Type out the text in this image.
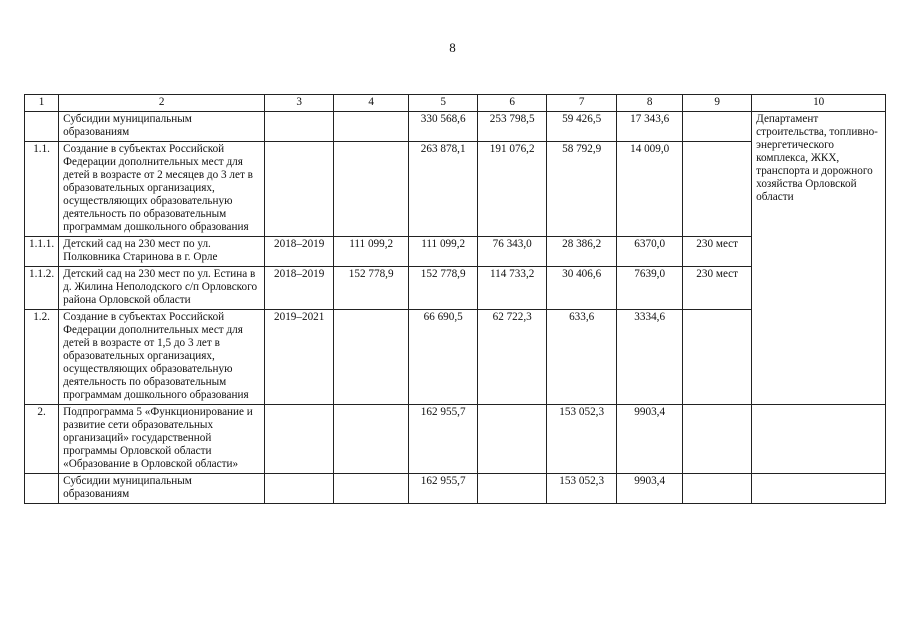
8
1	2	3	4	5	6	7	8	9	10
	Субсидии муниципальным образованиям			330 568,6	253 798,5	59 426,5	17 343,6		Департамент строительства, топливно-энергетического комплекса, ЖКХ, транспорта и дорожного хозяйства Орловской области
1.1.	Создание в субъектах Российской Федерации дополнительных мест для детей в возрасте от 2 месяцев до 3 лет в образовательных организациях, осуществляющих образовательную деятельность по образовательным программам дошкольного образования			263 878,1	191 076,2	58 792,9	14 009,0		
1.1.1.	Детский сад на 230 мест по ул. Полковника Старинова в г. Орле	2018–2019	111 099,2	111 099,2	76 343,0	28 386,2	6370,0	230 мест	
1.1.2.	Детский сад на 230 мест по ул. Естина в д. Жилина Неполодского с/п Орловского района Орловской области	2018–2019	152 778,9	152 778,9	114 733,2	30 406,6	7639,0	230 мест	
1.2.	Создание в субъектах Российской Федерации дополнительных мест для детей в возрасте от 1,5 до 3 лет в образовательных организациях, осуществляющих образовательную деятельность по образовательным программам дошкольного образования	2019–2021		66 690,5	62 722,3	633,6	3334,6		
2.	Подпрограмма 5 «Функционирование и развитие сети образовательных организаций» государственной программы Орловской области «Образование в Орловской области»			162 955,7		153 052,3	9903,4		
	Субсидии муниципальным образованиям			162 955,7		153 052,3	9903,4		
